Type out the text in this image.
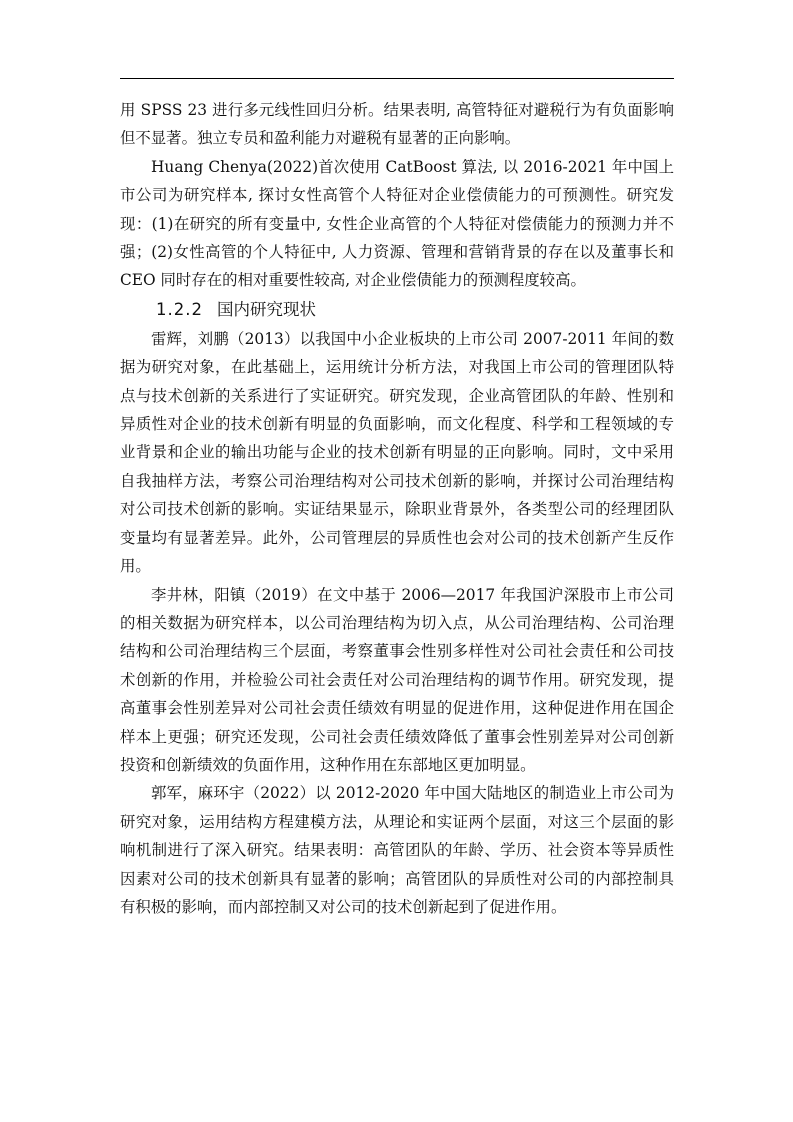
用 SPSS 23 进行多元线性回归分析。结果表明, 高管特征对避税行为有负面影响但不显著。独立专员和盈利能力对避税有显著的正向影响。

Huang Chenya(2022)首次使用 CatBoost 算法, 以 2016-2021 年中国上市公司为研究样本, 探讨女性高管个人特征对企业偿债能力的可预测性。研究发现：(1)在研究的所有变量中, 女性企业高管的个人特征对偿债能力的预测力并不强；(2)女性高管的个人特征中, 人力资源、管理和营销背景的存在以及董事长和 CEO 同时存在的相对重要性较高, 对企业偿债能力的预测程度较高。

1.2.2 国内研究现状

雷辉，刘鹏（2013）以我国中小企业板块的上市公司 2007-2011 年间的数据为研究对象，在此基础上，运用统计分析方法，对我国上市公司的管理团队特点与技术创新的关系进行了实证研究。研究发现，企业高管团队的年龄、性别和异质性对企业的技术创新有明显的负面影响，而文化程度、科学和工程领域的专业背景和企业的输出功能与企业的技术创新有明显的正向影响。同时，文中采用自我抽样方法，考察公司治理结构对公司技术创新的影响，并探讨公司治理结构对公司技术创新的影响。实证结果显示，除职业背景外，各类型公司的经理团队变量均有显著差异。此外，公司管理层的异质性也会对公司的技术创新产生反作用。

李井林，阳镇（2019）在文中基于 2006—2017 年我国沪深股市上市公司的相关数据为研究样本，以公司治理结构为切入点，从公司治理结构、公司治理结构和公司治理结构三个层面，考察董事会性别多样性对公司社会责任和公司技术创新的作用，并检验公司社会责任对公司治理结构的调节作用。研究发现，提高董事会性别差异对公司社会责任绩效有明显的促进作用，这种促进作用在国企样本上更强；研究还发现，公司社会责任绩效降低了董事会性别差异对公司创新投资和创新绩效的负面作用，这种作用在东部地区更加明显。

郭军，麻环宇（2022）以 2012-2020 年中国大陆地区的制造业上市公司为研究对象，运用结构方程建模方法，从理论和实证两个层面，对这三个层面的影响机制进行了深入研究。结果表明：高管团队的年龄、学历、社会资本等异质性因素对公司的技术创新具有显著的影响；高管团队的异质性对公司的内部控制具有积极的影响，而内部控制又对公司的技术创新起到了促进作用。
